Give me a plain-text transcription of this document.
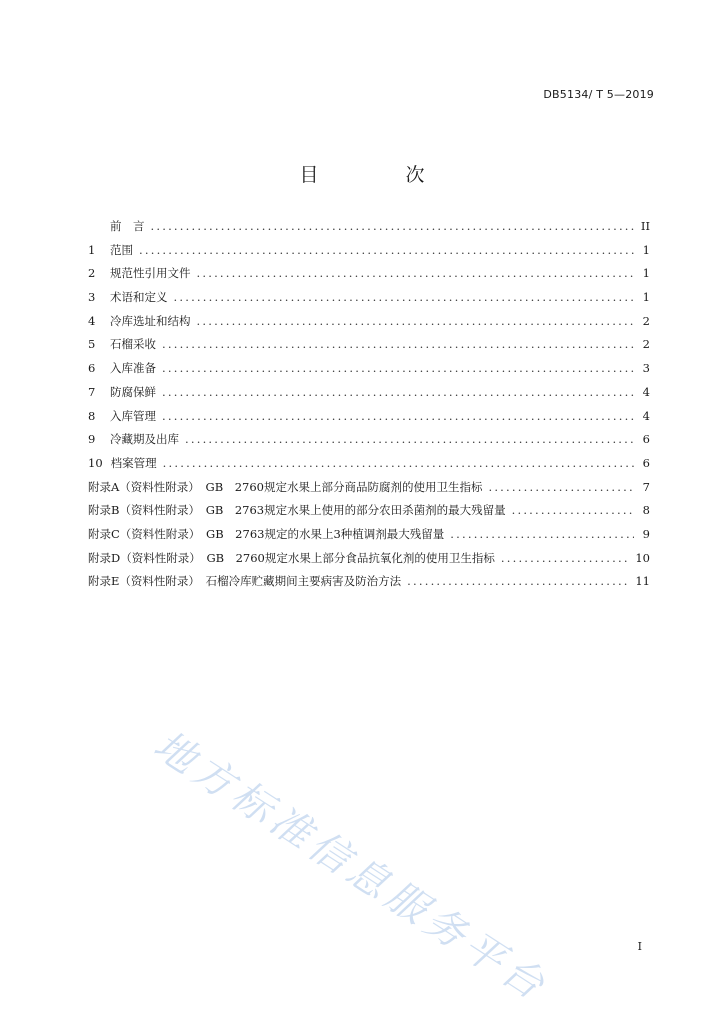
DB5134/ T 5—2019
目　次
前　言 .....	II
1 范围 .....	1
2 规范性引用文件 .....	1
3 术语和定义 .....	1
4 冷库选址和结构 .....	2
5 石榴采收 .....	2
6 入库准备 .....	3
7 防腐保鲜 .....	4
8 入库管理 .....	4
9 冷藏期及出库 .....	6
10 档案管理 .....	6
附录A（资料性附录）　GB　2760规定水果上部分商品防腐剂的使用卫生指标 .....	7
附录B（资料性附录）　GB　2763规定水果上使用的部分农田杀菌剂的最大残留量 .....	8
附录C（资料性附录）　GB　2763规定的水果上3种植调剂最大残留量 .....	9
附录D（资料性附录）　GB　2760规定水果上部分食品抗氧化剂的使用卫生指标 .....	10
附录E（资料性附录）　石榴冷库贮藏期间主要病害及防治方法 .....	11
地方标准信息服务平台	I
